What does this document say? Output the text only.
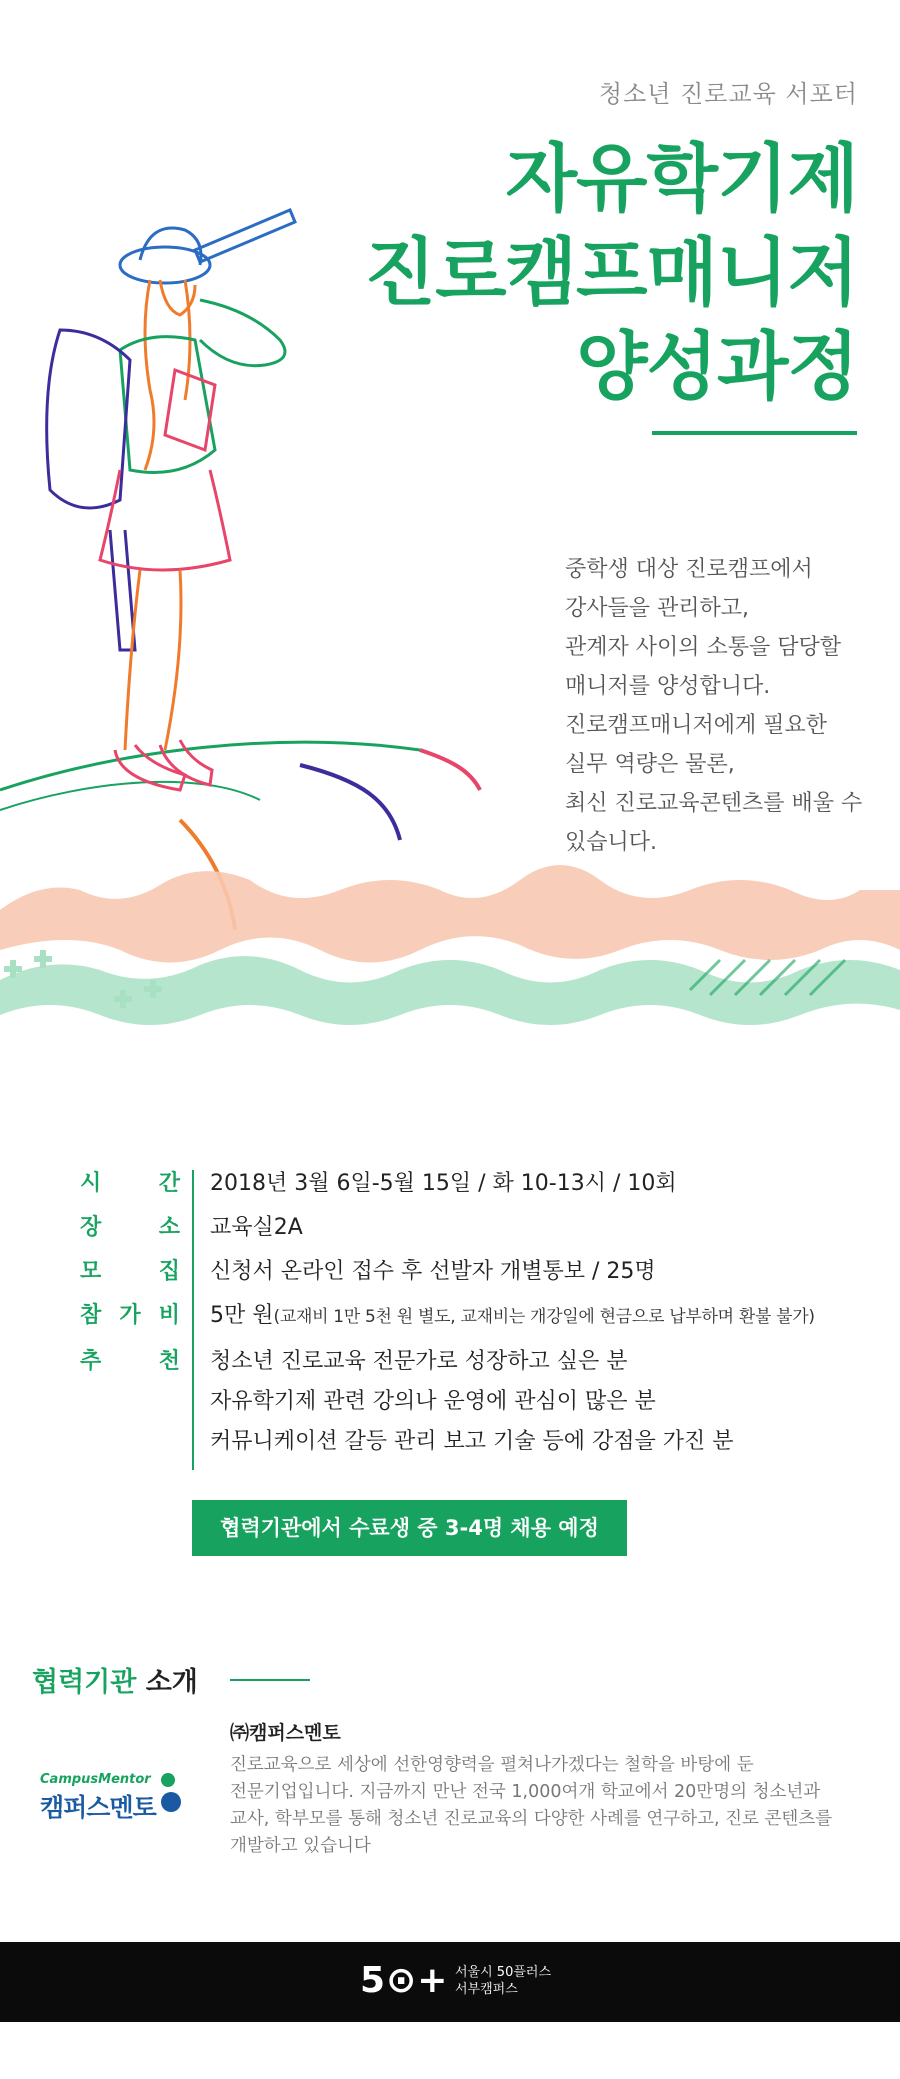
청소년 진로교육 서포터
자유학기제
진로캠프매니저
양성과정
중학생 대상 진로캠프에서
강사들을 관리하고,
관계자 사이의 소통을 담당할
매니저를 양성합니다.
진로캠프매니저에게 필요한
실무 역량은 물론,
최신 진로교육콘텐츠를 배울 수
있습니다.
시	간 2018년 3월 6일-5월 15일 / 화 10-13시 / 10회
장	소 교육실2A
모	집 신청서 온라인 접수 후 선발자 개별통보 / 25명
참 가 비 5만 원(교재비 1만 5천 원 별도, 교재비는 개강일에 현금으로 납부하며 환불 불가)
추	천 청소년 진로교육 전문가로 성장하고 싶은 분
자유학기제 관련 강의나 운영에 관심이 많은 분
커뮤니케이션 갈등 관리 보고 기술 등에 강점을 가진 분
협력기관에서 수료생 중 3-4명 채용 예정
협력기관 소개
CampusMentor
캠퍼스멘토
㈜캠퍼스멘토
진로교육으로 세상에 선한영향력을 펼쳐나가겠다는 철학을 바탕에 둔
전문기업입니다. 지금까지 만난 전국 1,000여개 학교에서 20만명의 청소년과
교사, 학부모를 통해 청소년 진로교육의 다양한 사례를 연구하고, 진로 콘텐츠를
개발하고 있습니다
5⊙+ 서울시 50플러스
서부캠퍼스
